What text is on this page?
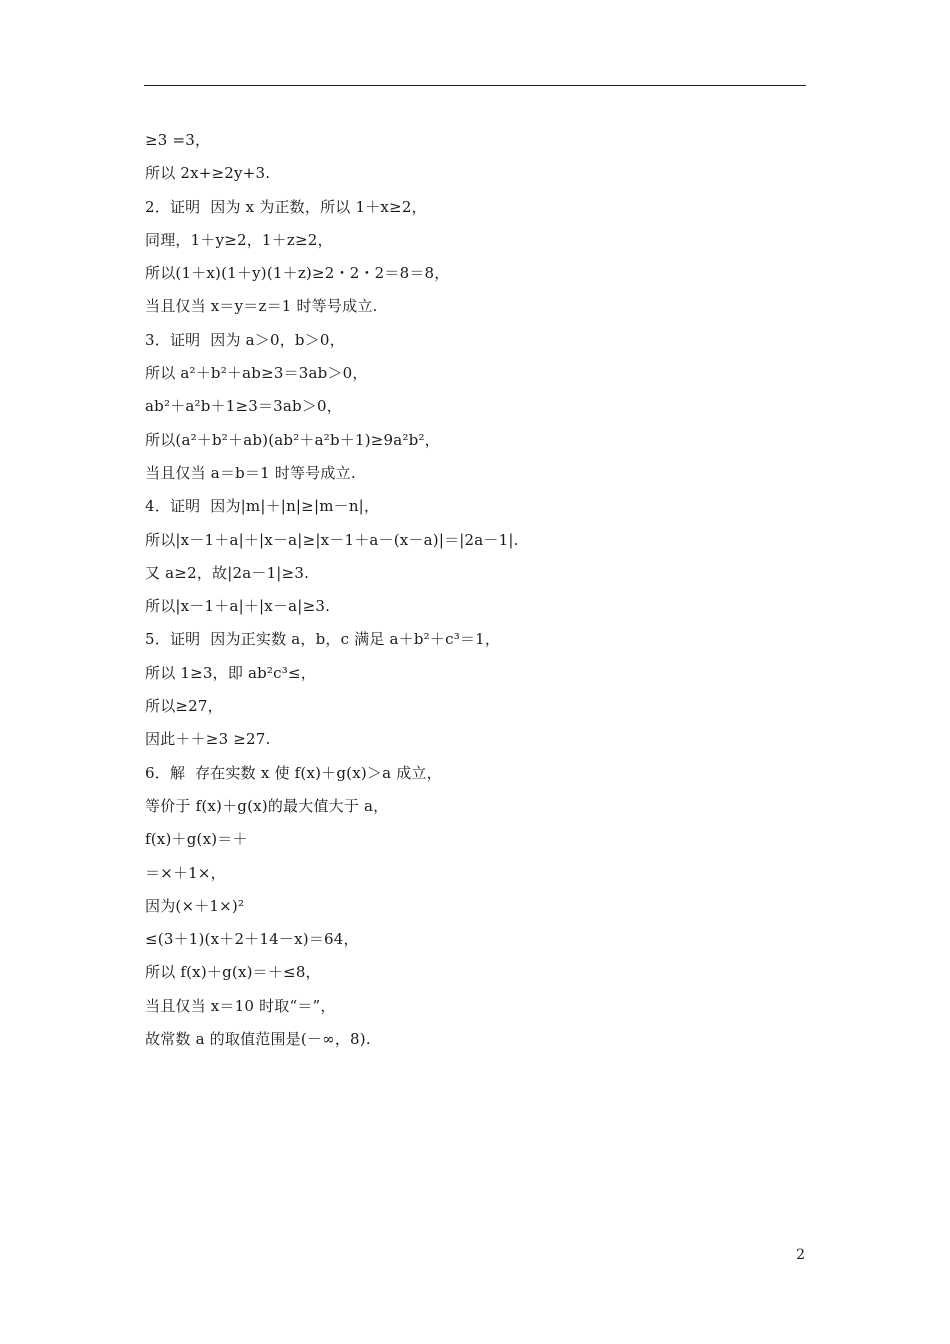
≥3 =3，
所以 2x+≥2y+3.
2．证明  因为 x 为正数，所以 1＋x≥2，
同理，1＋y≥2，1＋z≥2，
所以(1＋x)(1＋y)(1＋z)≥2・2・2＝8＝8，
当且仅当 x＝y＝z＝1 时等号成立.
3．证明  因为 a＞0，b＞0，
所以 a²＋b²＋ab≥3＝3ab＞0，
ab²＋a²b＋1≥3＝3ab＞0，
所以(a²＋b²＋ab)(ab²＋a²b＋1)≥9a²b²，
当且仅当 a＝b＝1 时等号成立.
4．证明  因为|m|＋|n|≥|m－n|，
所以|x－1＋a|＋|x－a|≥|x－1＋a－(x－a)|＝|2a－1|.
又 a≥2，故|2a－1|≥3.
所以|x－1＋a|＋|x－a|≥3.
5．证明  因为正实数 a，b，c 满足 a＋b²＋c³＝1，
所以 1≥3，即 ab²c³≤，
所以≥27，
因此＋＋≥3 ≥27.
6．解  存在实数 x 使 f(x)＋g(x)＞a 成立，
等价于 f(x)＋g(x)的最大值大于 a，
f(x)＋g(x)＝＋
＝×＋1×，
因为(×＋1×)²
≤(3＋1)(x＋2＋14－x)＝64，
所以 f(x)＋g(x)＝＋≤8，
当且仅当 x＝10 时取“＝”，
故常数 a 的取值范围是(－∞，8).
2
